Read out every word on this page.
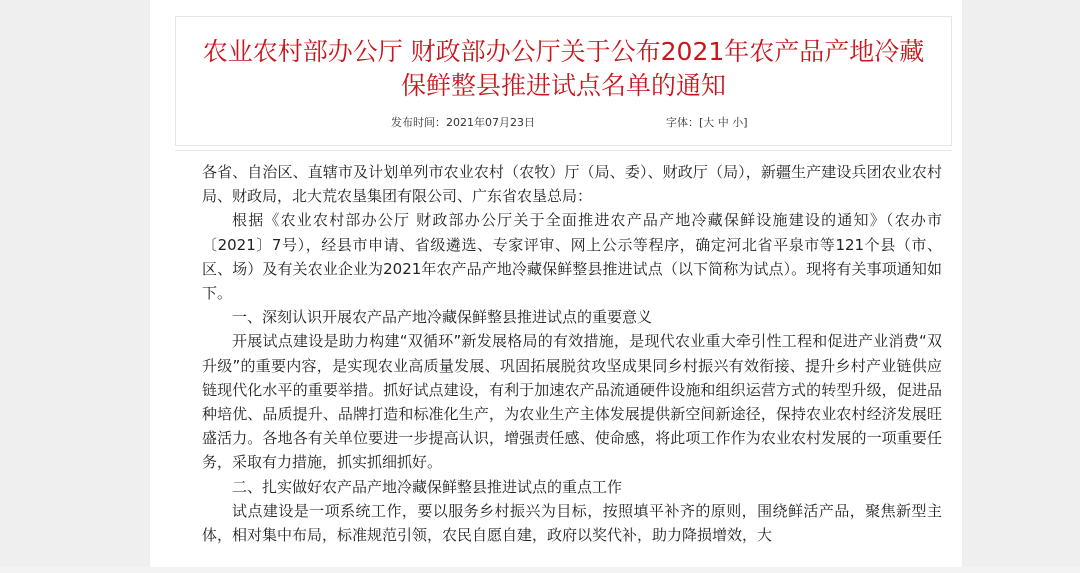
农业农村部办公厅 财政部办公厅关于公布2021年农产品产地冷藏
保鲜整县推进试点名单的通知
发布时间：2021年07月23日	字体：[大 中 小]

各省、自治区、直辖市及计划单列市农业农村（农牧）厅（局、委）、财政厅（局），新疆生产建设兵团农业农村局、财政局，北大荒农垦集团有限公司、广东省农垦总局：

根据《农业农村部办公厅 财政部办公厅关于全面推进农产品产地冷藏保鲜设施建设的通知》（农办市〔2021〕7号），经县市申请、省级遴选、专家评审、网上公示等程序，确定河北省平泉市等121个县（市、区、场）及有关农业企业为2021年农产品产地冷藏保鲜整县推进试点（以下简称为试点）。现将有关事项通知如下。

一、深刻认识开展农产品产地冷藏保鲜整县推进试点的重要意义

开展试点建设是助力构建“双循环”新发展格局的有效措施，是现代农业重大牵引性工程和促进产业消费“双升级”的重要内容，是实现农业高质量发展、巩固拓展脱贫攻坚成果同乡村振兴有效衔接、提升乡村产业链供应链现代化水平的重要举措。抓好试点建设，有利于加速农产品流通硬件设施和组织运营方式的转型升级，促进品种培优、品质提升、品牌打造和标准化生产，为农业生产主体发展提供新空间新途径，保持农业农村经济发展旺盛活力。各地各有关单位要进一步提高认识，增强责任感、使命感，将此项工作作为农业农村发展的一项重要任务，采取有力措施，抓实抓细抓好。

二、扎实做好农产品产地冷藏保鲜整县推进试点的重点工作

试点建设是一项系统工作，要以服务乡村振兴为目标，按照填平补齐的原则，围绕鲜活产品，聚焦新型主体，相对集中布局，标准规范引领，农民自愿自建，政府以奖代补，助力降损增效，大
